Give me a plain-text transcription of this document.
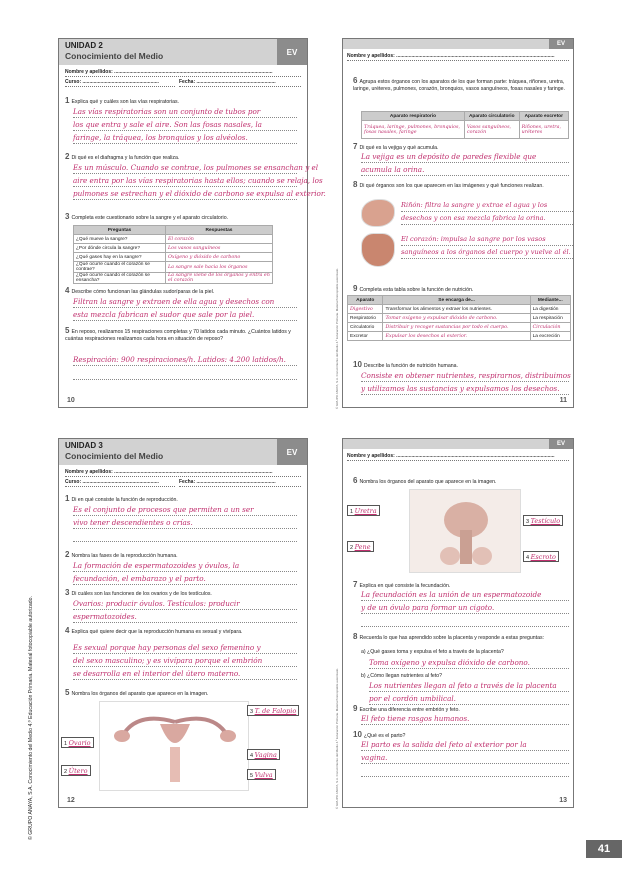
© GRUPO ANAYA, S.A. Conocimiento del Medio 4.º Educación Primaria. Material fotocopiable autorizado.
UNIDAD 2
Conocimiento del Medio	EV
Nombre y apellidos: ..................................................................................................................
Curso: .......................................................	Fecha: .........................................................
1 Explica qué y cuáles son las vías respiratorias.
Las vías respiratorias son un conjunto de tubos por
los que entra y sale el aire. Son las fosas nasales, la
faringe, la tráquea, los bronquios y los alvéolos.
2 Di qué es el diafragma y la función que realiza.
Es un músculo. Cuando se contrae, los pulmones se ensanchan y el
aire entra por las vías respiratorias hasta ellos; cuando se relaja, los
pulmones se estrechan y el dióxido de carbono se expulsa al exterior.
3 Completa este cuestionario sobre la sangre y el aparato circulatorio.
Preguntas	Respuestas
¿Qué mueve la sangre?	El corazón
¿Por dónde circula la sangre?	Los vasos sanguíneos
¿Qué gases hay en la sangre?	Oxígeno y dióxido de carbono
¿Qué ocurre cuando el corazón se contrae?	La sangre sale hacia los órganos
¿Qué ocurre cuando el corazón se ensancha?	La sangre viene de los órganos y entra en el corazón
4 Describe cómo funcionan las glándulas sudoríparas de la piel.
Filtran la sangre y extraen de ella agua y desechos con
esta mezcla fabrican el sudor que sale por la piel.
5 En reposo, realizamos 15 respiraciones completas y 70 latidos cada minuto. ¿Cuántos latidos y cuántas respiraciones realizamos cada hora en situación de reposo?
Respiración: 900 respiraciones/h. Latidos: 4.200 latidos/h.
10	© GRUPO ANAYA, S.A. Conocimiento del Medio 4.º Educación Primaria. Material fotocopiable autorizado.
EV
Nombre y apellidos: ..................................................................................................................
6 Agrupa estos órganos con los aparatos de los que forman parte: tráquea, riñones, uretra, laringe, uréteres, pulmones, corazón, bronquios, vasos sanguíneos, fosas nasales y faringe.
Aparato respiratorio	Aparato circulatorio	Aparato excretor
Tráquea, laringe, pulmones, bronquios, fosas nasales, faringe	Vasos sanguíneos, corazón	Riñones, uretra, uréteres
7 Di qué es la vejiga y qué acumula.
La vejiga es un depósito de paredes flexible que
acumula la orina.
8 Di qué órganos son los que aparecen en las imágenes y qué funciones realizan.
Riñón: filtra la sangre y extrae el agua y los
desechos y con esa mezcla fabrica la orina.
El corazón: impulsa la sangre por los vasos
sanguíneos a los órganos del cuerpo y vuelve al él.
9 Completa esta tabla sobre la función de nutrición.
Aparato	Se encarga de...	Mediante...
Digestivo	Transformar los alimentos y extraer los nutrientes.	La digestión
Respiratorio	Tomar oxígeno y expulsar dióxido de carbono.	La respiración
Circulatorio	Distribuir y recoger sustancias por todo el cuerpo.	Circulación
Excretor	Expulsar los desechos al exterior.	La excreción
10 Describe la función de nutrición humana.
Consiste en obtener nutrientes, respirarnos, distribuimos
y utilizamos las sustancias y expulsamos los desechos.
11
UNIDAD 3
Conocimiento del Medio	EV
Nombre y apellidos: ..................................................................................................................
Curso: .......................................................	Fecha: .........................................................
1 Di en qué consiste la función de reproducción.
Es el conjunto de procesos que permiten a un ser
vivo tener descendientes o crías.
2 Nombra las fases de la reproducción humana.
La formación de espermatozoides y óvulos, la
fecundación, el embarazo y el parto.
3 Di cuáles son las funciones de los ovarios y de los testículos.
Ovarios: producir óvulos. Testículos: producir
espermatozoides.
4 Explica qué quiere decir que la reproducción humana es sexual y vivípara.
Es sexual porque hay personas del sexo femenino y
del sexo masculino; y es vivípara porque el embrión
se desarrolla en el interior del útero materno.
5 Nombra los órganos del aparato que aparece en la imagen.
1 Ovario
2 Útero
3 T. de Falopio
4 Vagina
5 Vulva
12	© GRUPO ANAYA, S.A. Conocimiento del Medio 4.º Educación Primaria. Material fotocopiable autorizado.
EV
Nombre y apellidos: ..................................................................................................................
6 Nombra los órganos del aparato que aparece en la imagen.
1 Uretra
2 Pene
3 Testículo
4 Escroto
7 Explica en qué consiste la fecundación.
La fecundación es la unión de un espermatozoide
y de un óvulo para formar un cigoto.
8 Recuerda lo que has aprendido sobre la placenta y responde a estas preguntas:
a) ¿Qué gases toma y expulsa el feto a través de la placenta?
Toma oxígeno y expulsa dióxido de carbono.
b) ¿Cómo llegan nutrientes al feto?
Los nutrientes llegan al feto a través de la placenta
por el cordón umbilical.
9 Escribe una diferencia entre embrión y feto.
El feto tiene rasgos humanos.
10 ¿Qué es el parto?
El parto es la salida del feto al exterior por la
vagina.
13
41
